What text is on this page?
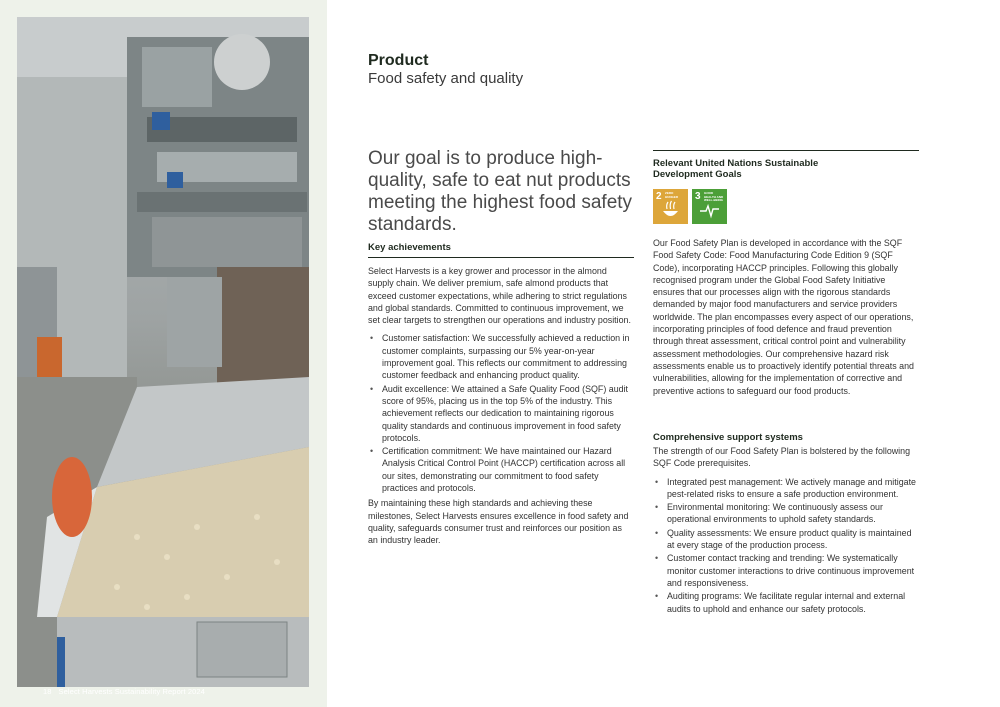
18 Select Harvests Sustainability Report 2024
Product
Food safety and quality
Our goal is to produce high-quality, safe to eat nut products meeting the highest food safety standards.
Key achievements

Select Harvests is a key grower and processor in the almond supply chain. We deliver premium, safe almond products that exceed customer expectations, while adhering to strict regulations and global standards. Committed to continuous improvement, we set clear targets to strengthen our operations and industry position.

• Customer satisfaction: We successfully achieved a reduction in customer complaints, surpassing our 5% year-on-year improvement goal. This reflects our commitment to addressing customer feedback and enhancing product quality.
• Audit excellence: We attained a Safe Quality Food (SQF) audit score of 95%, placing us in the top 5% of the industry. This achievement reflects our dedication to maintaining rigorous quality standards and continuous improvement in food safety protocols.
• Certification commitment: We have maintained our Hazard Analysis Critical Control Point (HACCP) certification across all our sites, demonstrating our commitment to food safety practices and protocols.

By maintaining these high standards and achieving these milestones, Select Harvests ensures excellence in food safety and quality, safeguards consumer trust and reinforces our position as an industry leader.

Relevant United Nations Sustainable Development Goals
2 ZERO HUNGER	3 GOOD HEALTH AND WELL-BEING

Our Food Safety Plan is developed in accordance with the SQF Food Safety Code: Food Manufacturing Code Edition 9 (SQF Code), incorporating HACCP principles. Following this globally recognised program under the Global Food Safety Initiative ensures that our processes align with the rigorous standards demanded by major food manufacturers and service providers worldwide. The plan encompasses every aspect of our operations, incorporating principles of food defence and fraud prevention through threat assessment, critical control point and vulnerability assessment methodologies. Our comprehensive hazard risk assessments enable us to proactively identify potential threats and vulnerabilities, allowing for the implementation of corrective and preventive actions to safeguard our food products.

Comprehensive support systems

The strength of our Food Safety Plan is bolstered by the following SQF Code prerequisites.

• Integrated pest management: We actively manage and mitigate pest-related risks to ensure a safe production environment.
• Environmental monitoring: We continuously assess our operational environments to uphold safety standards.
• Quality assessments: We ensure product quality is maintained at every stage of the production process.
• Customer contact tracking and trending: We systematically monitor customer interactions to drive continuous improvement and responsiveness.
• Auditing programs: We facilitate regular internal and external audits to uphold and enhance our safety protocols.
